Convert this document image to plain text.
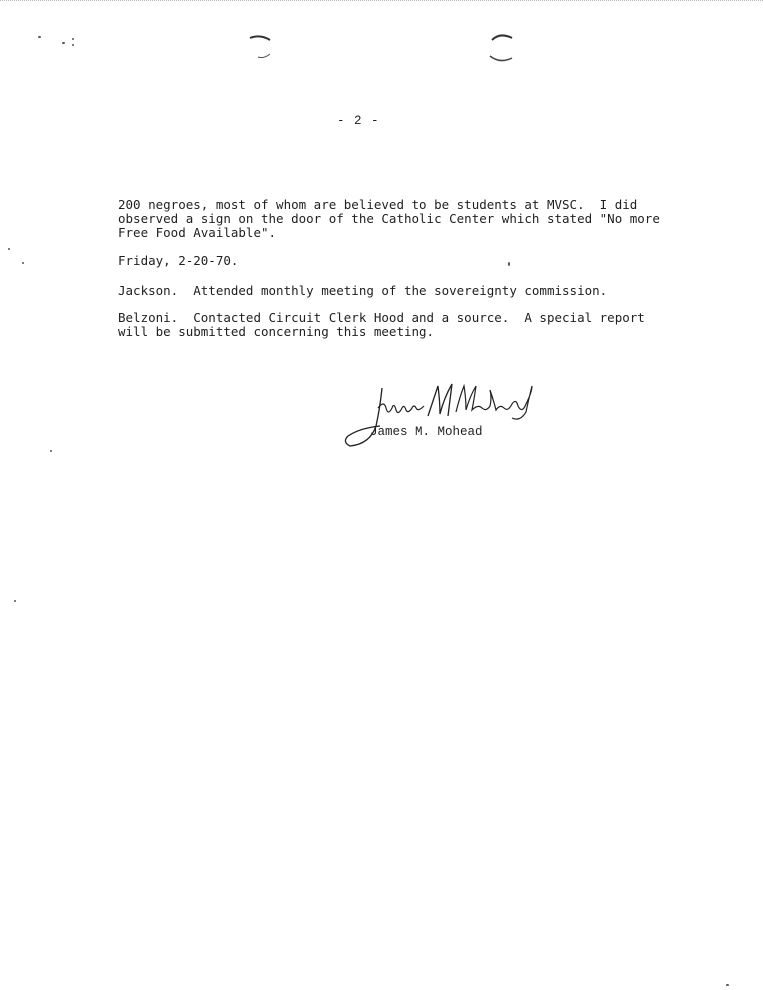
- 2 -
200 negroes, most of whom are believed to be students at MVSC.  I did
observed a sign on the door of the Catholic Center which stated "No more
Free Food Available".
Friday, 2-20-70.
Jackson.  Attended monthly meeting of the sovereignty commission.
Belzoni.  Contacted Circuit Clerk Hood and a source.  A special report
will be submitted concerning this meeting.
James M. Mohead
